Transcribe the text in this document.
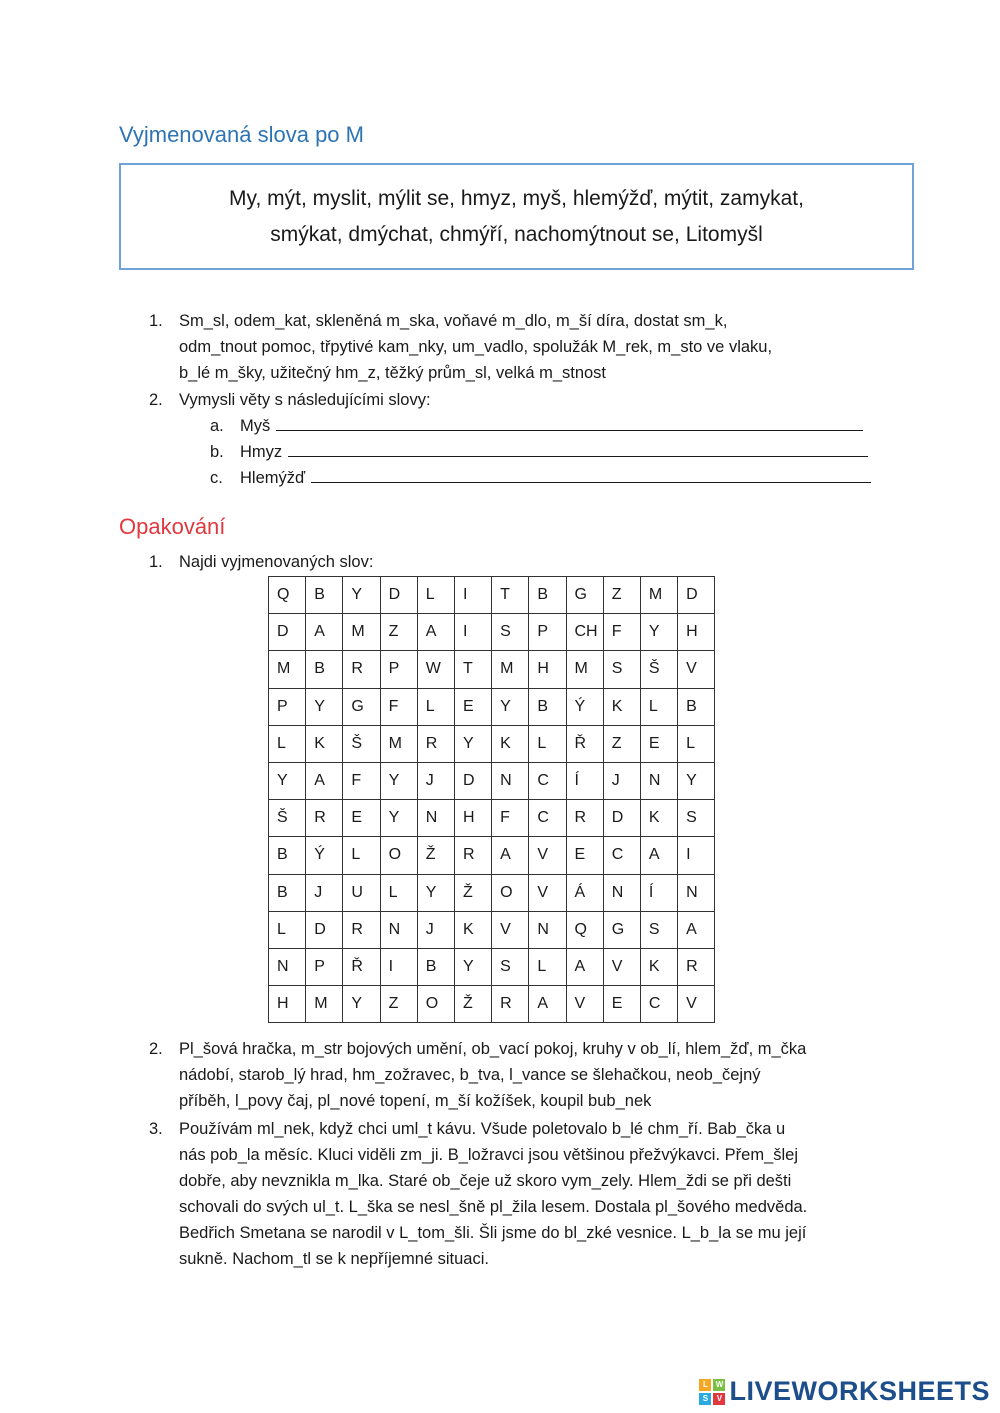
Vyjmenovaná slova po M
My, mýt, myslit, mýlit se, hmyz, myš, hlemýžď, mýtit, zamykat,
smýkat, dmýchat, chmýří, nachomýtnout se, Litomyšl
1. Sm_sl, odem_kat, skleněná m_ska, voňavé m_dlo, m_ší díra, dostat sm_k,
odm_tnout pomoc, třpytivé kam_nky, um_vadlo, spolužák M_rek, m_sto ve vlaku,
b_lé m_šky, užitečný hm_z, těžký prům_sl, velká m_stnost
2. Vymysli věty s následujícími slovy:
a. Myš
b. Hmyz
c. Hlemýžď
Opakování
1. Najdi vyjmenovaných slov:
Q	B	Y	D	L	I	T	B	G	Z	M	D
D	A	M	Z	A	I	S	P	CH	F	Y	H
M	B	R	P	W	T	M	H	M	S	Š	V
P	Y	G	F	L	E	Y	B	Ý	K	L	B
L	K	Š	M	R	Y	K	L	Ř	Z	E	L
Y	A	F	Y	J	D	N	C	Í	J	N	Y
Š	R	E	Y	N	H	F	C	R	D	K	S
B	Ý	L	O	Ž	R	A	V	E	C	A	I
B	J	U	L	Y	Ž	O	V	Á	N	Í	N
L	D	R	N	J	K	V	N	Q	G	S	A
N	P	Ř	I	B	Y	S	L	A	V	K	R
H	M	Y	Z	O	Ž	R	A	V	E	C	V
2. Pl_šová hračka, m_str bojových umění, ob_vací pokoj, kruhy v ob_lí, hlem_žď, m_čka
nádobí, starob_lý hrad, hm_zožravec, b_tva, l_vance se šlehačkou, neob_čejný
příběh, l_povy čaj, pl_nové topení, m_ší kožíšek, koupil bub_nek
3. Používám ml_nek, když chci uml_t kávu. Všude poletovalo b_lé chm_ří. Bab_čka u
nás pob_la měsíc. Kluci viděli zm_ji. B_ložravci jsou většinou přežvýkavci. Přem_šlej
dobře, aby nevznikla m_lka. Staré ob_čeje už skoro vym_zely. Hlem_ždi se při dešti
schovali do svých ul_t. L_ška se nesl_šně pl_žila lesem. Dostala pl_šového medvěda.
Bedřich Smetana se narodil v L_tom_šli. Šli jsme do bl_zké vesnice. L_b_la se mu její
sukně. Nachom_tl se k nepříjemné situaci.
L W
S	V LIVEWORKSHEETS
